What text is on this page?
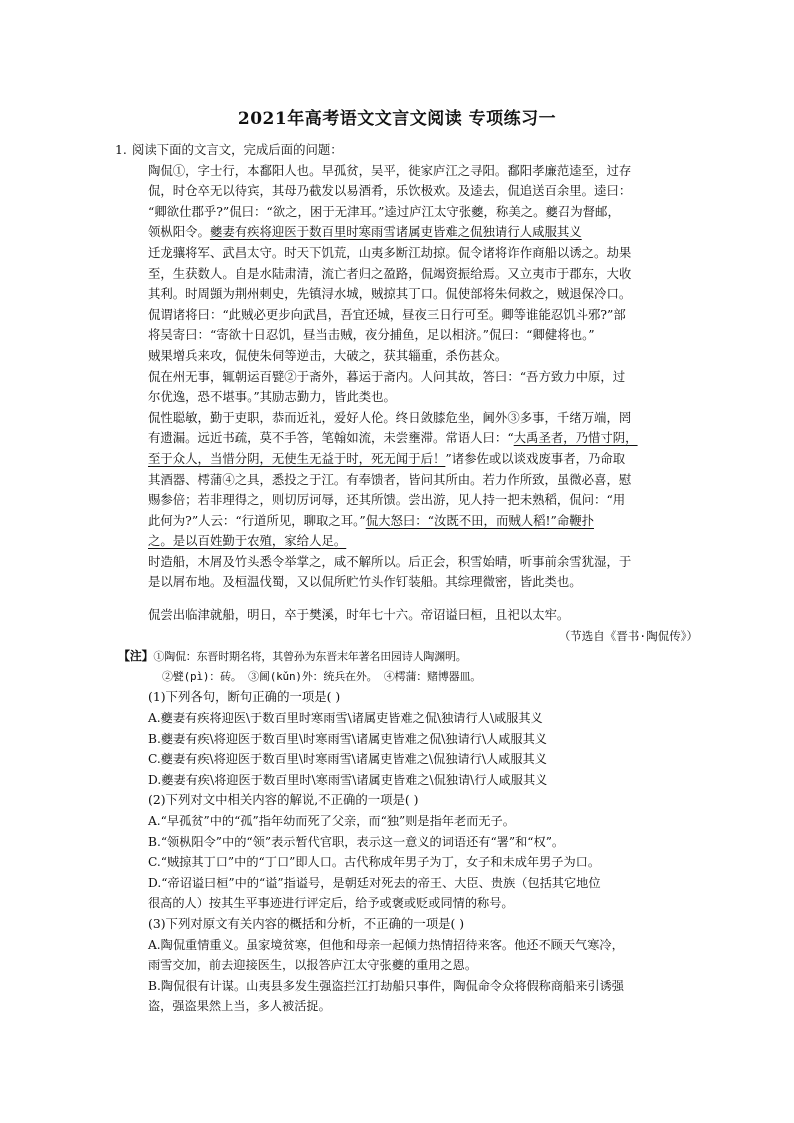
2021年高考语文文言文阅读 专项练习一
1. 阅读下面的文言文，完成后面的问题：
陶侃①，字士行，本鄱阳人也。早孤贫，吴平，徙家庐江之寻阳。鄱阳孝廉范逵至，过存
侃，时仓卒无以待宾，其母乃截发以易酒肴，乐饮极欢。及逵去，侃追送百余里。逵曰：
“卿欲仕郡乎?”侃曰：“欲之，困于无津耳。”逵过庐江太守张夔，称美之。夔召为督邮，
领枞阳令。夔妻有疾将迎医于数百里时寒雨雪诸属吏皆难之侃独请行人咸服其义
迁龙骧将军、武昌太守。时天下饥荒，山夷多断江劫掠。侃令诸将诈作商船以诱之。劫果
至，生获数人。自是水陆肃清，流亡者归之盈路，侃竭资振给焉。又立夷市于郡东，大收
其利。时周顗为荆州刺史，先镇浔水城，贼掠其丁口。侃使部将朱伺救之，贼退保冷口。
侃谓诸将曰：“此贼必更步向武昌，吾宜还城，昼夜三日行可至。卿等谁能忍饥斗邪?”部
将吴寄曰：“寄欲十日忍饥，昼当击贼，夜分捕鱼，足以相济。”侃曰：“卿健将也。”
贼果增兵来攻，侃使朱伺等逆击，大破之，获其辎重，杀伤甚众。
侃在州无事，辄朝运百甓②于斋外，暮运于斋内。人问其故，答曰：“吾方致力中原，过
尔优逸，恐不堪事。”其励志勤力，皆此类也。
侃性聪敏，勤于吏职，恭而近礼，爱好人伦。终日敛膝危坐，阃外③多事，千绪万端，罔
有遗漏。远近书疏，莫不手答，笔翰如流，未尝壅滞。常语人曰：“大禹圣者，乃惜寸阴，
至于众人，当惜分阴，无使生无益于时，死无闻于后！”诸参佐或以谈戏废事者，乃命取
其酒器、樗蒲④之具，悉投之于江。有奉馈者，皆问其所由。若力作所致，虽微必喜，慰
赐参倍；若非理得之，则切厉诃辱，还其所馈。尝出游，见人持一把未熟稻，侃问：“用
此何为?”人云：“行道所见，聊取之耳。”侃大怒曰：“汝既不田，而贼人稻!”命鞭扑
之。是以百姓勤于农殖，家给人足。
时造船，木屑及竹头悉令举掌之，咸不解所以。后正会，积雪始晴，听事前余雪犹湿，于
是以屑布地。及桓温伐蜀，又以侃所贮竹头作钉装船。其综理微密，皆此类也。
侃尝出临津就船，明日，卒于樊溪，时年七十六。帝诏谥曰桓，且祀以太牢。
（节选自《晋书·陶侃传》）
【注】①陶侃：东晋时期名将，其曾孙为东晋末年著名田园诗人陶渊明。
②甓(pì)：砖。 ③阃(kǔn)外：统兵在外。 ④樗蒲：赌博器皿。
(1)下列各句，断句正确的一项是( )
A.夔妻有疾将迎医\于数百里时寒雨雪\诸属吏皆难之侃\独请行人\咸服其义
B.夔妻有疾\将迎医于数百里\时寒雨雪\诸属吏皆难之侃\独请行\人咸服其义
C.夔妻有疾\将迎医于数百里\时寒雨雪\诸属吏皆难之\侃独请行\人咸服其义
D.夔妻有疾\将迎医于数百里时\寒雨雪\诸属吏皆难之\侃独请\行人咸服其义
(2)下列对文中相关内容的解说,不正确的一项是( )
A.“早孤贫”中的“孤”指年幼而死了父亲，而“独”则是指年老而无子。
B.“领枞阳令”中的“领”表示暂代官职，表示这一意义的词语还有“署”和“权”。
C.“贼掠其丁口”中的“丁口”即人口。古代称成年男子为丁，女子和未成年男子为口。
D.“帝诏谥曰桓”中的“谥”指谥号，是朝廷对死去的帝王、大臣、贵族（包括其它地位
很高的人）按其生平事迹进行评定后，给予或褒或贬或同情的称号。
(3)下列对原文有关内容的概括和分析，不正确的一项是( )
A.陶侃重情重义。虽家境贫寒，但他和母亲一起倾力热情招待来客。他还不顾天气寒冷，
雨雪交加，前去迎接医生，以报答庐江太守张夔的重用之恩。
B.陶侃很有计谋。山夷县多发生强盗拦江打劫船只事件，陶侃命令众将假称商船来引诱强
盗，强盗果然上当，多人被活捉。
